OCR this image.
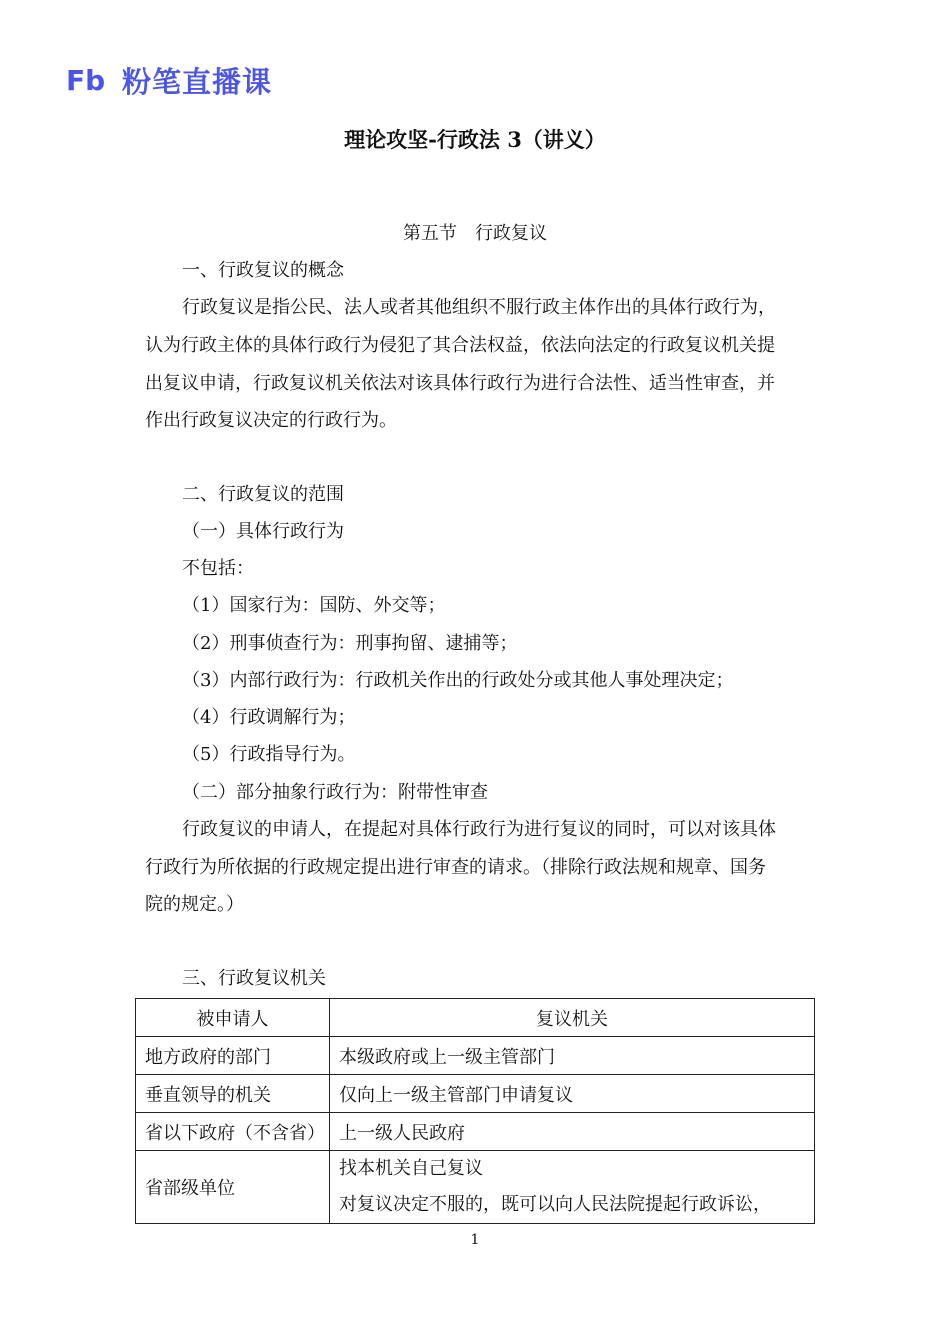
Fb 粉笔直播课
理论攻坚-行政法 3（讲义）
第五节　行政复议
一、行政复议的概念
行政复议是指公民、法人或者其他组织不服行政主体作出的具体行政行为，
认为行政主体的具体行政行为侵犯了其合法权益，依法向法定的行政复议机关提
出复议申请，行政复议机关依法对该具体行政行为进行合法性、适当性审查，并
作出行政复议决定的行政行为。
二、行政复议的范围
（一）具体行政行为
不包括：
（1）国家行为：国防、外交等；
（2）刑事侦查行为：刑事拘留、逮捕等；
（3）内部行政行为：行政机关作出的行政处分或其他人事处理决定；
（4）行政调解行为；
（5）行政指导行为。
（二）部分抽象行政行为：附带性审查
行政复议的申请人，在提起对具体行政行为进行复议的同时，可以对该具体
行政行为所依据的行政规定提出进行审查的请求。（排除行政法规和规章、国务
院的规定。）
三、行政复议机关
被申请人	复议机关
地方政府的部门	本级政府或上一级主管部门
垂直领导的机关	仅向上一级主管部门申请复议
省以下政府（不含省）	上一级人民政府
省部级单位	找本机关自己复议
对复议决定不服的，既可以向人民法院提起行政诉讼，
1
